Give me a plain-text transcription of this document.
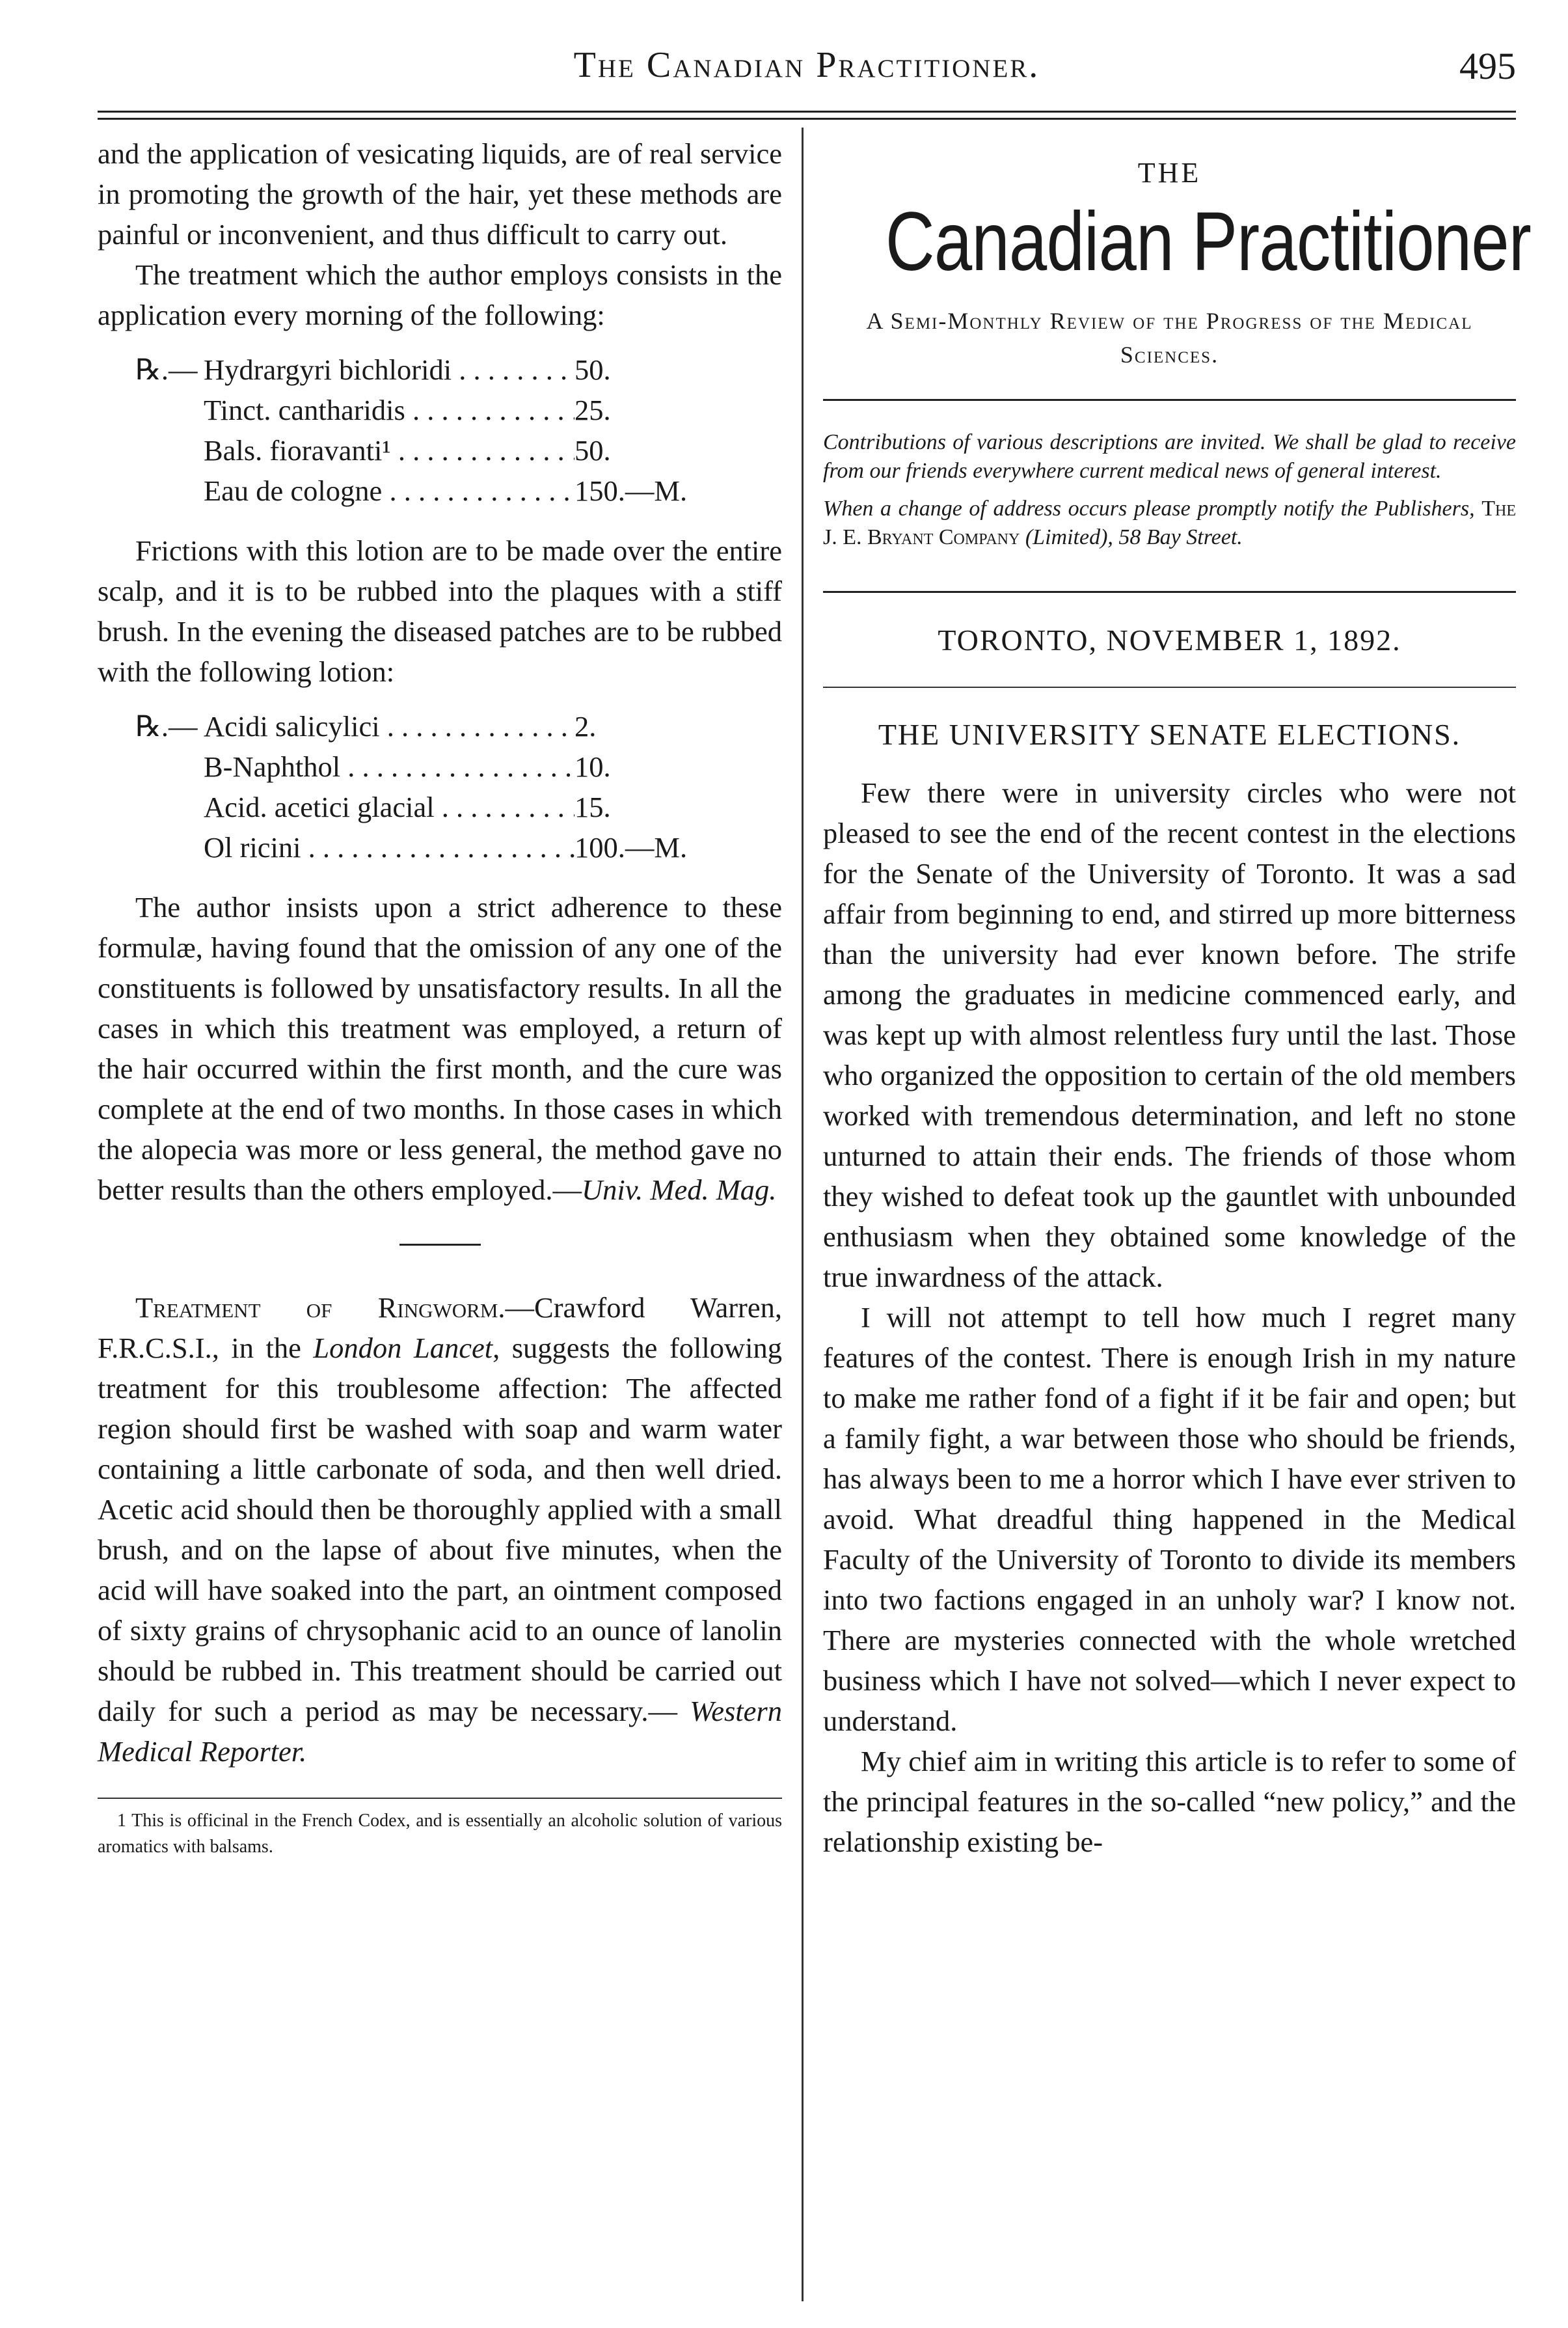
The Canadian Practitioner.	495

and the application of vesicating liquids, are of real service in promoting the growth of the hair, yet these methods are painful or inconvenient, and thus difficult to carry out.

The treatment which the author employs consists in the application every morning of the following:

℞.— Hydrargyri bichloridi . . .	50.
Tinct. cantharidis . . .	25.
Bals. fioravanti¹ . . .	50.
Eau de cologne . . .	150.—M.

Frictions with this lotion are to be made over the entire scalp, and it is to be rubbed into the plaques with a stiff brush. In the evening the diseased patches are to be rubbed with the following lotion:

℞.— Acidi salicylici . . .	2.
B-Naphthol . . .	10.
Acid. acetici glacial . . .	15.
Ol ricini . . .	100.—M.

The author insists upon a strict adherence to these formulæ, having found that the omission of any one of the constituents is followed by unsatisfactory results. In all the cases in which this treatment was employed, a return of the hair occurred within the first month, and the cure was complete at the end of two months. In those cases in which the alopecia was more or less general, the method gave no better results than the others employed.—Univ. Med. Mag.

Treatment of Ringworm.—Crawford Warren, F.R.C.S.I., in the London Lancet, suggests the following treatment for this troublesome affection: The affected region should first be washed with soap and warm water containing a little carbonate of soda, and then well dried. Acetic acid should then be thoroughly applied with a small brush, and on the lapse of about five minutes, when the acid will have soaked into the part, an ointment composed of sixty grains of chrysophanic acid to an ounce of lanolin should be rubbed in. This treatment should be carried out daily for such a period as may be necessary.— Western Medical Reporter.

1 This is officinal in the French Codex, and is essentially an alcoholic solution of various aromatics with balsams.

THE
Canadian Practitioner
A Semi-Monthly Review of the Progress of the Medical Sciences.

Contributions of various descriptions are invited. We shall be glad to receive from our friends everywhere current medical news of general interest.

When a change of address occurs please promptly notify the Publishers, The J. E. Bryant Company (Limited), 58 Bay Street.

TORONTO, NOVEMBER 1, 1892.
THE UNIVERSITY SENATE ELECTIONS.

Few there were in university circles who were not pleased to see the end of the recent contest in the elections for the Senate of the University of Toronto. It was a sad affair from beginning to end, and stirred up more bitterness than the university had ever known before. The strife among the graduates in medicine commenced early, and was kept up with almost relentless fury until the last. Those who organized the opposition to certain of the old members worked with tremendous determination, and left no stone unturned to attain their ends. The friends of those whom they wished to defeat took up the gauntlet with unbounded enthusiasm when they obtained some knowledge of the true inwardness of the attack.

I will not attempt to tell how much I regret many features of the contest. There is enough Irish in my nature to make me rather fond of a fight if it be fair and open; but a family fight, a war between those who should be friends, has always been to me a horror which I have ever striven to avoid. What dreadful thing happened in the Medical Faculty of the University of Toronto to divide its members into two factions engaged in an unholy war? I know not. There are mysteries connected with the whole wretched business which I have not solved—which I never expect to understand.

My chief aim in writing this article is to refer to some of the principal features in the so-called “new policy,” and the relationship existing be-
